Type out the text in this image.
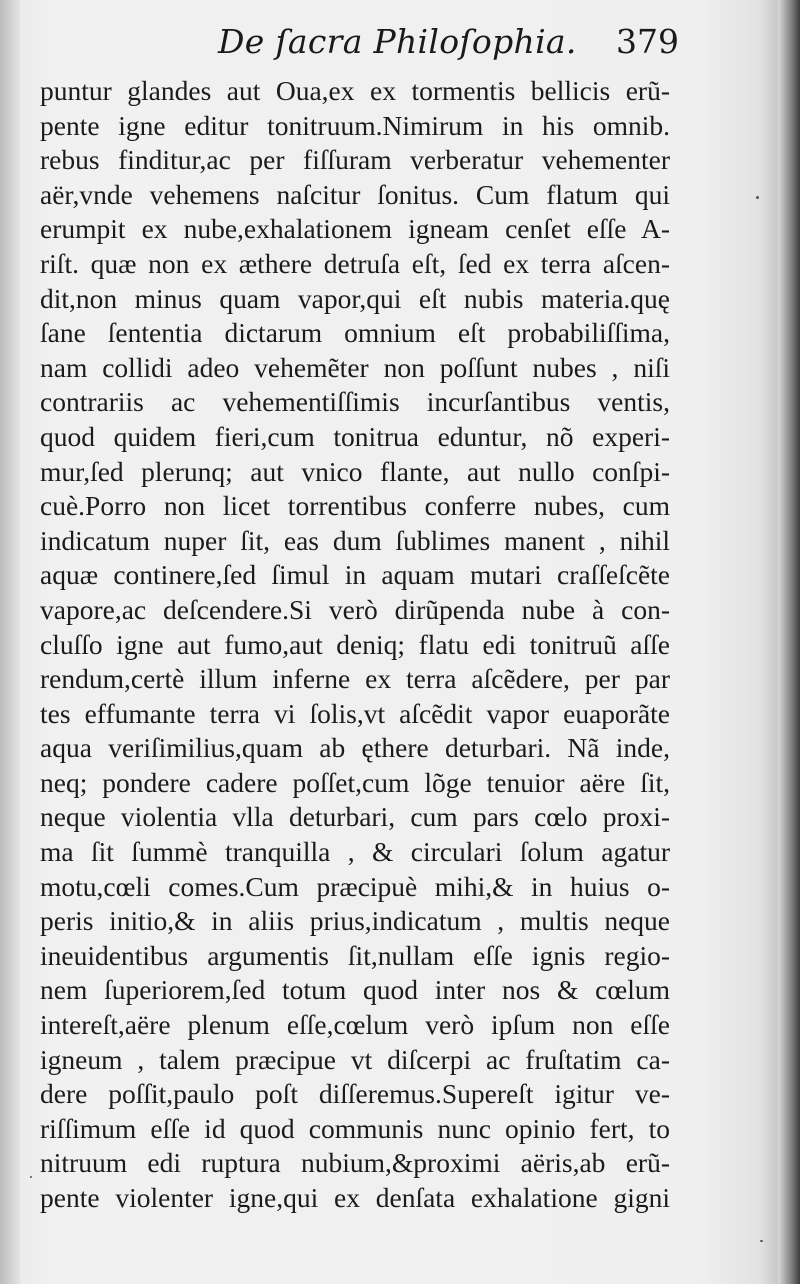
De ſacra Philoſophia. 379
puntur glandes aut Oua,ex ex tormentis bellicis erũ-
pente igne editur tonitruum.Nimirum in his omnib.
rebus finditur,ac per fiſſuram verberatur vehementer
aër,vnde vehemens naſcitur ſonitus. Cum flatum qui
erumpit ex nube,exhalationem igneam cenſet eſſe A-
riſt. quæ non ex æthere detruſa eſt, ſed ex terra aſcen-
dit,non minus quam vapor,qui eſt nubis materia.quę
ſane ſententia dictarum omnium eſt probabiliſſima,
nam collidi adeo vehemẽter non poſſunt nubes , niſi
contrariis ac vehementiſſimis incurſantibus ventis,
quod quidem fieri,cum tonitrua eduntur, nõ experi-
mur,ſed plerunq; aut vnico flante, aut nullo conſpi-
cuè.Porro non licet torrentibus conferre nubes, cum
indicatum nuper ſit, eas dum ſublimes manent , nihil
aquæ continere,ſed ſimul in aquam mutari craſſeſcẽte
vapore,ac deſcendere.Si verò dirũpenda nube à con-
cluſſo igne aut fumo,aut deniq; flatu edi tonitruũ aſſe
rendum,certè illum inferne ex terra aſcẽdere, per par
tes effumante terra vi ſolis,vt aſcẽdit vapor euaporãte
aqua veriſimilius,quam ab ęthere deturbari. Nã inde,
neq; pondere cadere poſſet,cum lõge tenuior aëre ſit,
neque violentia vlla deturbari, cum pars cœlo proxi-
ma ſit ſummè tranquilla , & circulari ſolum agatur
motu,cœli comes.Cum præcipuè mihi,& in huius o-
peris initio,& in aliis prius,indicatum , multis neque
ineuidentibus argumentis ſit,nullam eſſe ignis regio-
nem ſuperiorem,ſed totum quod inter nos & cœlum
intereſt,aëre plenum eſſe,cœlum verò ipſum non eſſe
igneum , talem præcipue vt diſcerpi ac fruſtatim ca-
dere poſſit,paulo poſt diſſeremus.Supereſt igitur ve-
riſſimum eſſe id quod communis nunc opinio fert, to
nitruum edi ruptura nubium,&proximi aëris,ab erũ-
pente violenter igne,qui ex denſata exhalatione gigni
